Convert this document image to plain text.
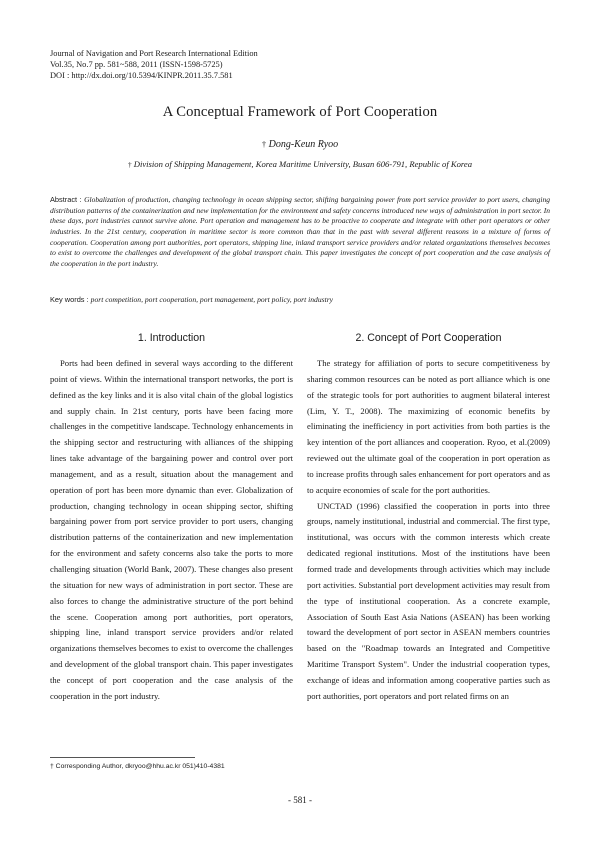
Journal of Navigation and Port Research International Edition
Vol.35, No.7 pp. 581~588, 2011 (ISSN-1598-5725)
DOI : http://dx.doi.org/10.5394/KINPR.2011.35.7.581
A Conceptual Framework of Port Cooperation
† Dong-Keun Ryoo
† Division of Shipping Management, Korea Maritime University, Busan 606-791, Republic of Korea
Abstract : Globalization of production, changing technology in ocean shipping sector, shifting bargaining power from port service provider to port users, changing distribution patterns of the containerization and new implementation for the environment and safety concerns introduced new ways of administration in port sector. In these days, port industries cannot survive alone. Port operation and management has to be proactive to cooperate and integrate with other port operators or other industries. In the 21st century, cooperation in maritime sector is more common than that in the past with several different reasons in a mixture of forms of cooperation. Cooperation among port authorities, port operators, shipping line, inland transport service providers and/or related organizations themselves becomes to exist to overcome the challenges and development of the global transport chain. This paper investigates the concept of port cooperation and the case analysis of the cooperation in the port industry.
Key words : port competition, port cooperation, port management, port policy, port industry
1. Introduction	2. Concept of Port Cooperation

Ports had been defined in several ways according to the different point of views. Within the international transport networks, the port is defined as the key links and it is also vital chain of the global logistics and supply chain. In 21st century, ports have been facing more challenges in the competitive landscape. Technology enhancements in the shipping sector and restructuring with alliances of the shipping lines take advantage of the bargaining power and control over port management, and as a result, situation about the management and operation of port has been more dynamic than ever. Globalization of production, changing technology in ocean shipping sector, shifting bargaining power from port service provider to port users, changing distribution patterns of the containerization and new implementation for the environment and safety concerns also take the ports to more challenging situation (World Bank, 2007). These changes also present the situation for new ways of administration in port sector. These are also forces to change the administrative structure of the port behind the scene. Cooperation among port authorities, port operators, shipping line, inland transport service providers and/or related organizations themselves becomes to exist to overcome the challenges and development of the global transport chain. This paper investigates the concept of port cooperation and the case analysis of the cooperation in the port industry.

The strategy for affiliation of ports to secure competitiveness by sharing common resources can be noted as port alliance which is one of the strategic tools for port authorities to augment bilateral interest (Lim, Y. T., 2008). The maximizing of economic benefits by eliminating the inefficiency in port activities from both parties is the key intention of the port alliances and cooperation. Ryoo, et al.(2009) reviewed out the ultimate goal of the cooperation in port operation as to increase profits through sales enhancement for port operators and as to acquire economies of scale for the port authorities.

UNCTAD (1996) classified the cooperation in ports into three groups, namely institutional, industrial and commercial. The first type, institutional, was occurs with the common interests which create dedicated regional institutions. Most of the institutions have been formed trade and developments through activities which may include port activities. Substantial port development activities may result from the type of institutional cooperation. As a concrete example, Association of South East Asia Nations (ASEAN) has been working toward the development of port sector in ASEAN members countries based on the "Roadmap towards an Integrated and Competitive Maritime Transport System". Under the industrial cooperation types, exchange of ideas and information among cooperative parties such as port authorities, port operators and port related firms on an

† Corresponding Author, dkryoo@hhu.ac.kr 051)410-4381
- 581 -
